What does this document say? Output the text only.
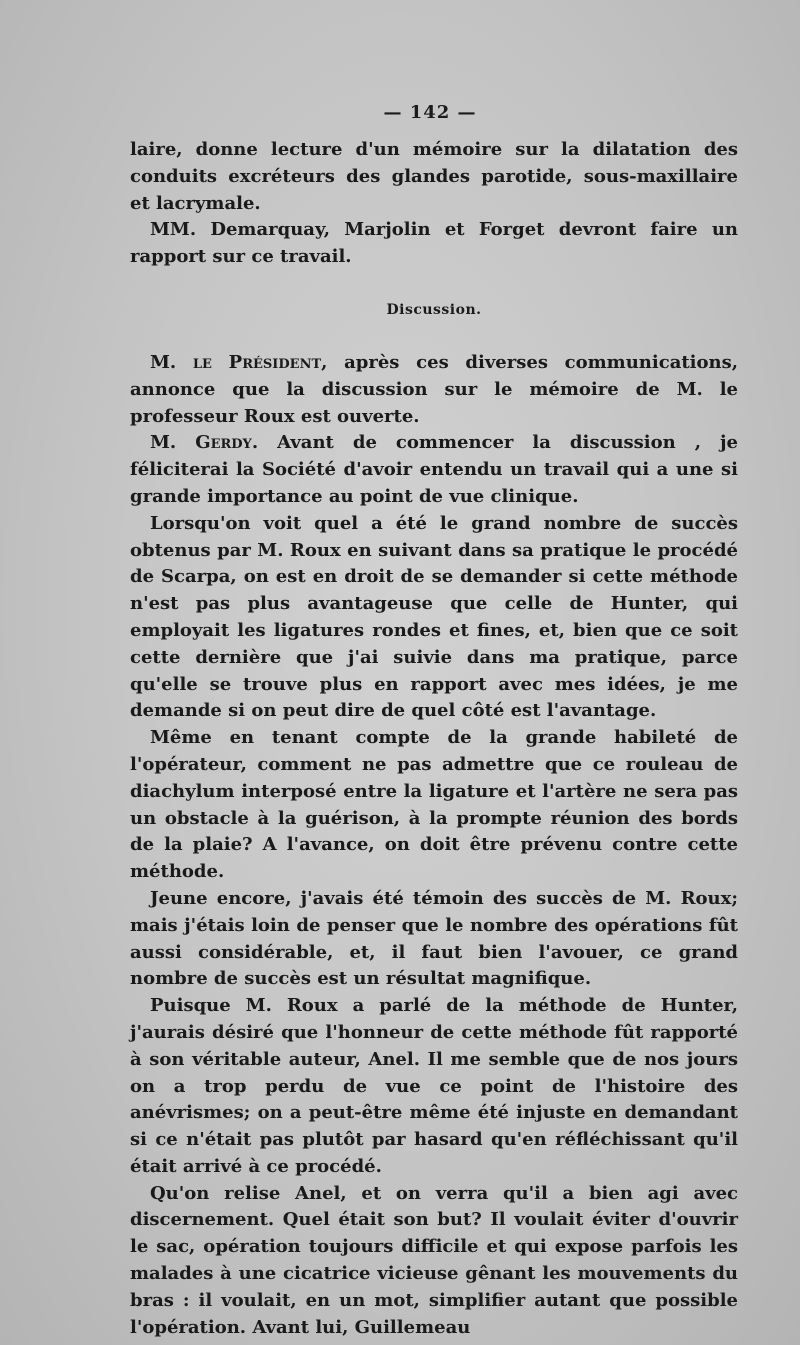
— 142 —

laire, donne lecture d'un mémoire sur la dilatation des conduits excréteurs des glandes parotide, sous-maxillaire et lacrymale.

MM. Demarquay, Marjolin et Forget devront faire un rapport sur ce travail.

Discussion.

M. le Président, après ces diverses communications, annonce que la discussion sur le mémoire de M. le professeur Roux est ouverte.

M. Gerdy. Avant de commencer la discussion , je féliciterai la Société d'avoir entendu un travail qui a une si grande importance au point de vue clinique.

Lorsqu'on voit quel a été le grand nombre de succès obtenus par M. Roux en suivant dans sa pratique le procédé de Scarpa, on est en droit de se demander si cette méthode n'est pas plus avantageuse que celle de Hunter, qui employait les ligatures rondes et fines, et, bien que ce soit cette dernière que j'ai suivie dans ma pratique, parce qu'elle se trouve plus en rapport avec mes idées, je me demande si on peut dire de quel côté est l'avantage.

Même en tenant compte de la grande habileté de l'opérateur, comment ne pas admettre que ce rouleau de diachylum interposé entre la ligature et l'artère ne sera pas un obstacle à la guérison, à la prompte réunion des bords de la plaie? A l'avance, on doit être prévenu contre cette méthode.

Jeune encore, j'avais été témoin des succès de M. Roux; mais j'étais loin de penser que le nombre des opérations fût aussi considérable, et, il faut bien l'avouer, ce grand nombre de succès est un résultat magnifique.

Puisque M. Roux a parlé de la méthode de Hunter, j'aurais désiré que l'honneur de cette méthode fût rapporté à son véritable auteur, Anel. Il me semble que de nos jours on a trop perdu de vue ce point de l'histoire des anévrismes; on a peut-être même été injuste en demandant si ce n'était pas plutôt par hasard qu'en réfléchissant qu'il était arrivé à ce procédé.

Qu'on relise Anel, et on verra qu'il a bien agi avec discernement. Quel était son but? Il voulait éviter d'ouvrir le sac, opération toujours difficile et qui expose parfois les malades à une cicatrice vicieuse gênant les mouvements du bras : il voulait, en un mot, simplifier autant que possible l'opération. Avant lui, Guillemeau
